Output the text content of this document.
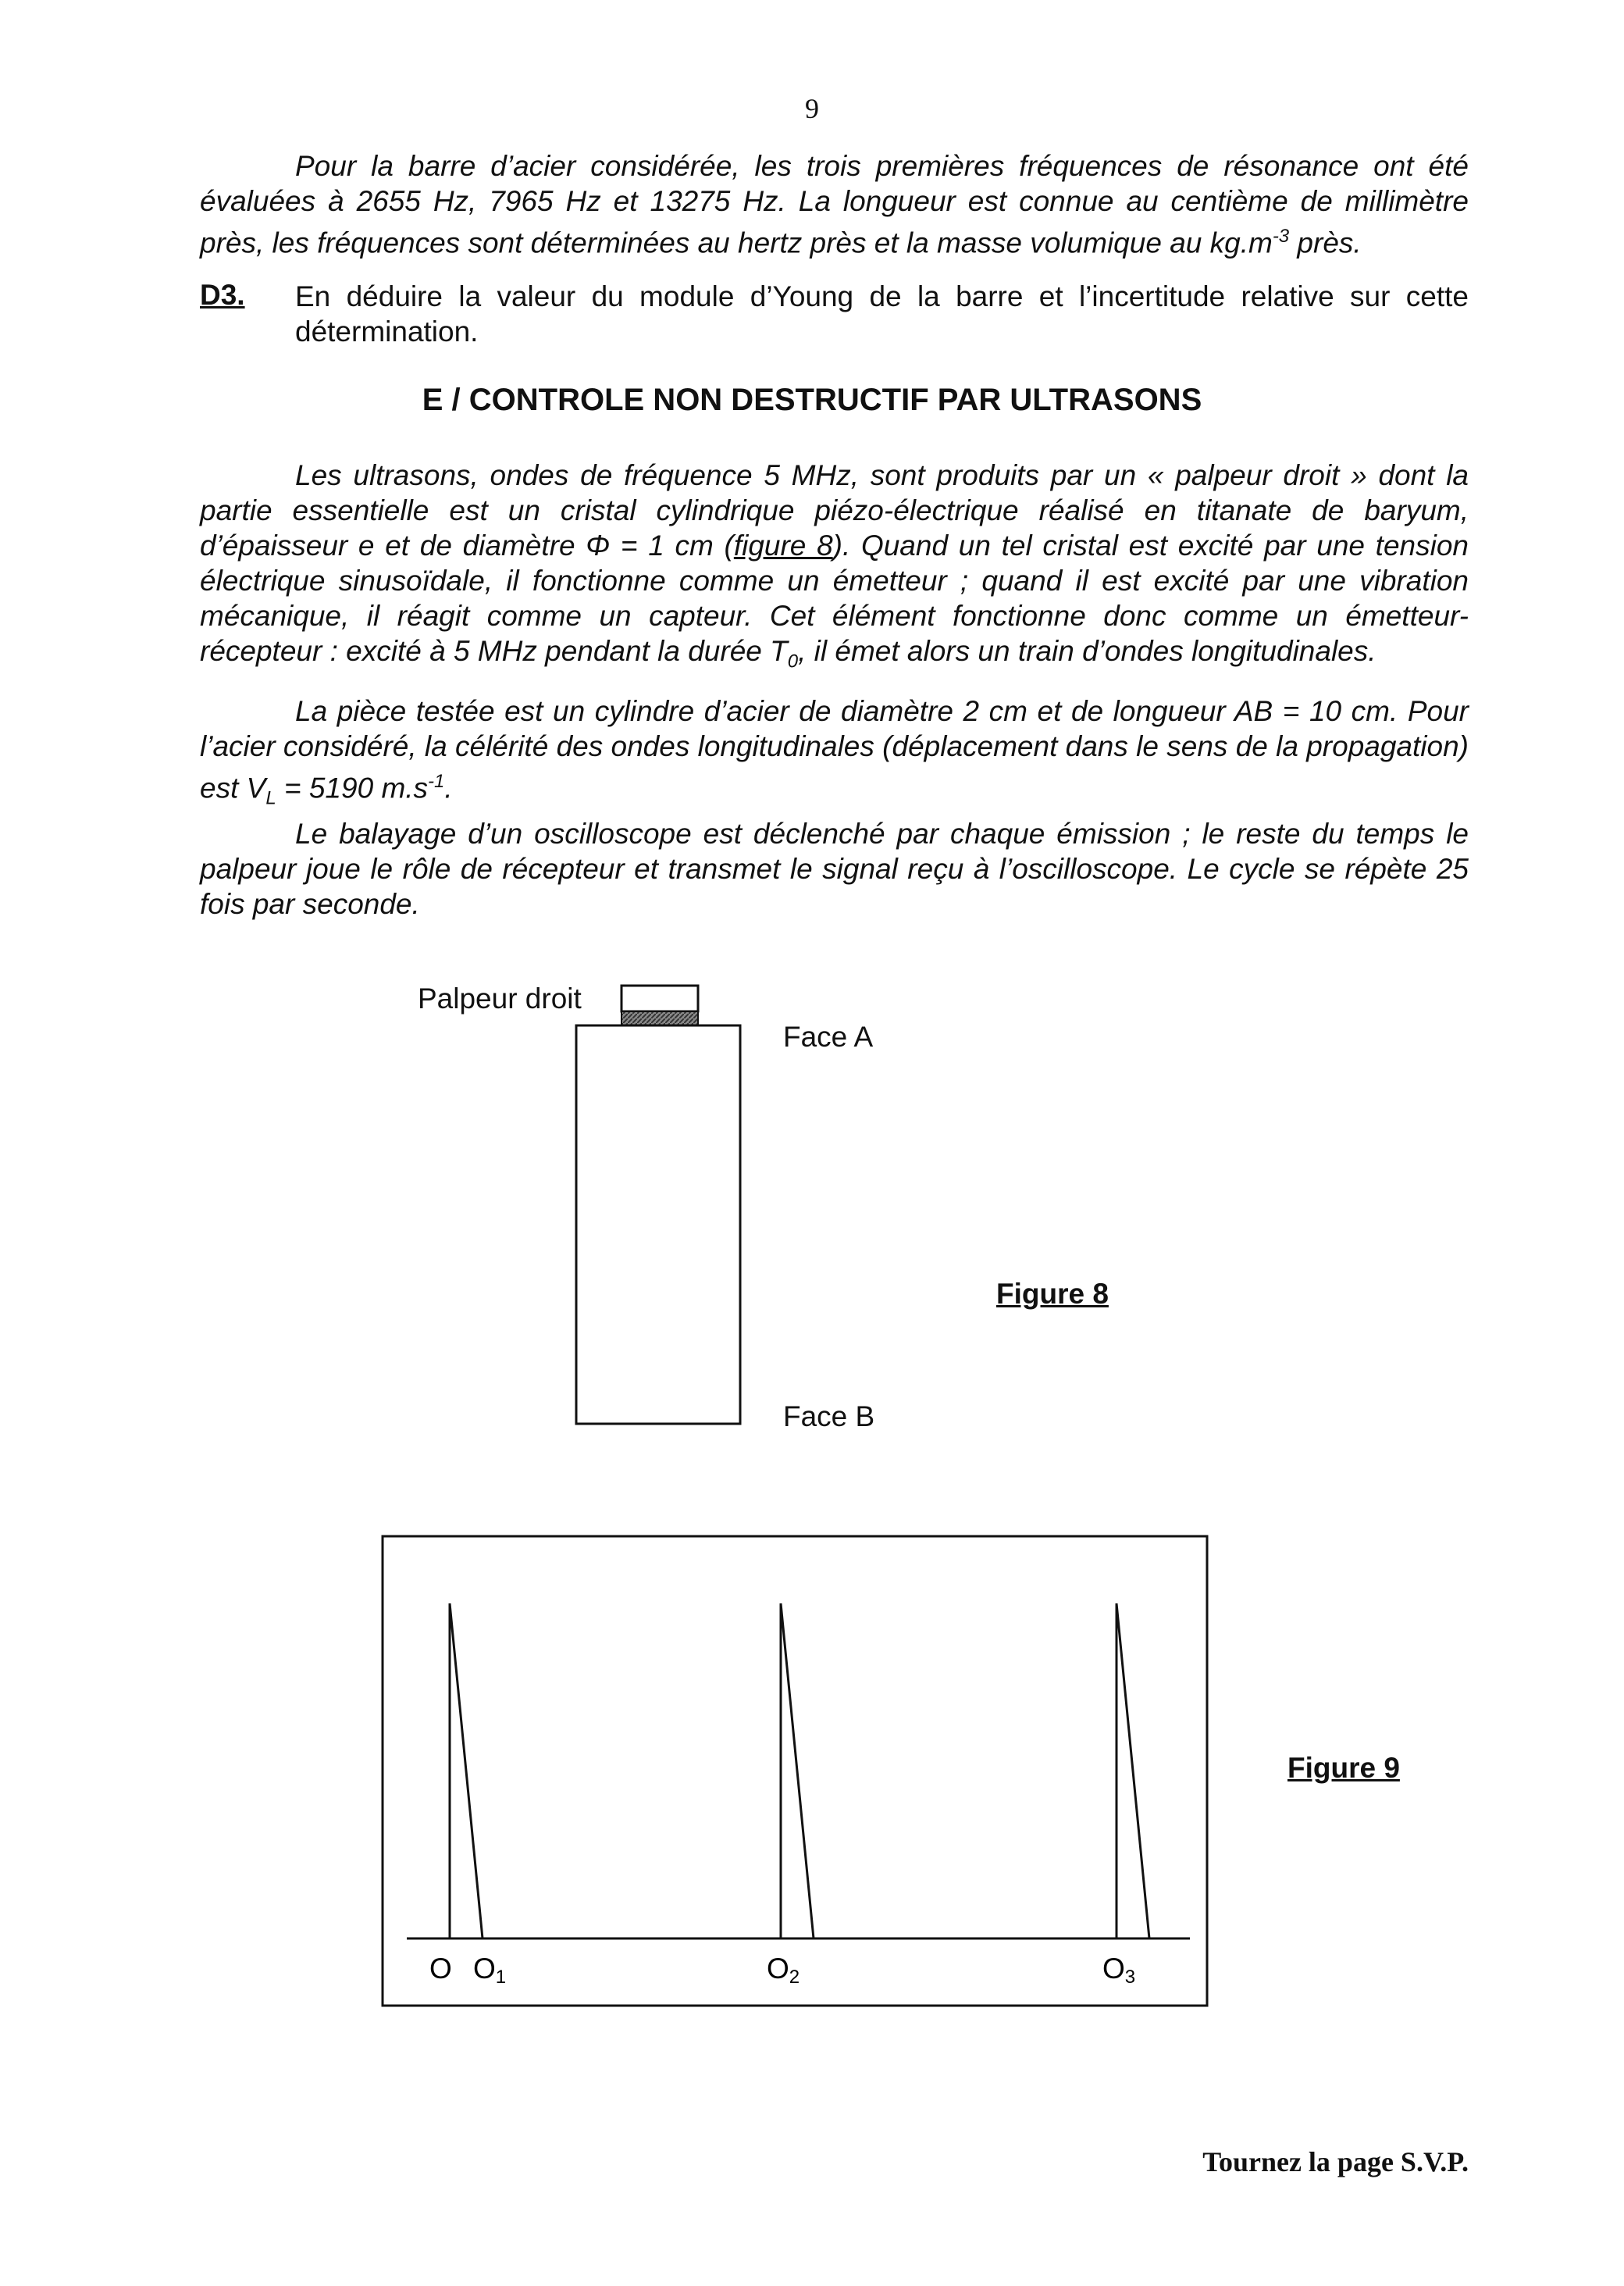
9

Pour la barre d’acier considérée, les trois premières fréquences de résonance ont été évaluées à 2655 Hz, 7965 Hz et 13275 Hz. La longueur est connue au centième de millimètre près, les fréquences sont déterminées au hertz près et la masse volumique au $kg.m^{-3}$ près.

D3. En déduire la valeur du module d’Young de la barre et l’incertitude relative sur cette détermination.

E / CONTROLE NON DESTRUCTIF PAR ULTRASONS

Les ultrasons, ondes de fréquence 5 MHz, sont produits par un « palpeur droit » dont la partie essentielle est un cristal cylindrique piézo-électrique réalisé en titanate de baryum, d’épaisseur e et de diamètre Φ = 1 cm (figure 8). Quand un tel cristal est excité par une tension électrique sinusoïdale, il fonctionne comme un émetteur ; quand il est excité par une vibration mécanique, il réagit comme un capteur. Cet élément fonctionne donc comme un émetteur-récepteur : excité à 5 MHz pendant la durée $T_0$, il émet alors un train d’ondes longitudinales.

La pièce testée est un cylindre d’acier de diamètre 2 cm et de longueur AB = 10 cm. Pour l’acier considéré, la célérité des ondes longitudinales (déplacement dans le sens de la propagation) est $V_L = 5190$ $m.s^{-1}$.

Le balayage d’un oscilloscope est déclenché par chaque émission ; le reste du temps le palpeur joue le rôle de récepteur et transmet le signal reçu à l’oscilloscope. Le cycle se répète 25 fois par seconde.

Palpeur droit
Face A
Face B
Figure 8
O O1	O2	O3
Figure 9
Tournez la page S.V.P.
